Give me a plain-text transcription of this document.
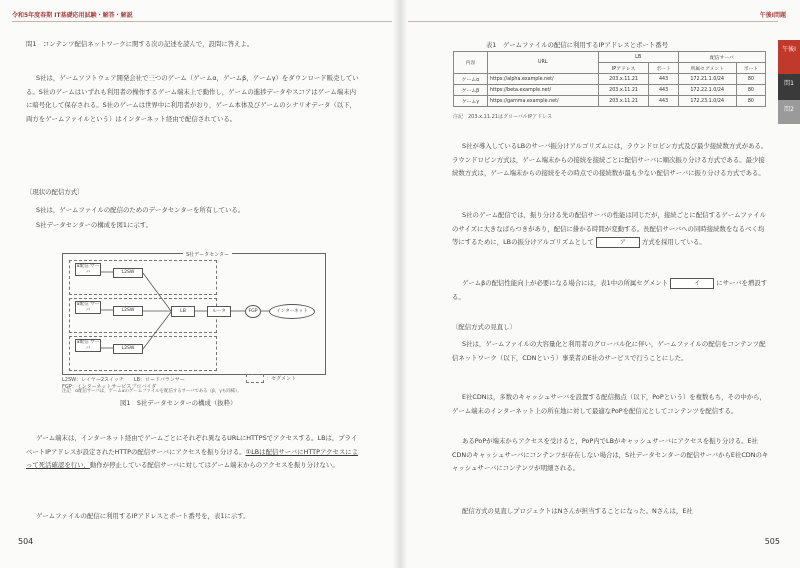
令和5年度春期 IT基礎応用試験・解答・解説

問1　コンテンツ配信ネットワークに関する次の記述を読んで，設問に答えよ。

S社は，ゲームソフトウェア開発会社で三つのゲーム（ゲームα，ゲームβ，ゲームγ）をダウンロード販売している。S社のゲームはいずれも利用者の操作するゲーム端末上で動作し，ゲームの進捗データやスコアはゲーム端末内に暗号化して保存される。S社のゲームは世界中に利用者がおり，ゲーム本体及びゲームのシナリオデータ（以下，両方をゲームファイルという）はインターネット経由で配信されている。

〔現状の配信方式〕

S社は，ゲームファイルの配信のためのデータセンターを所有している。

S社データセンターの構成を図1に示す。

S社データセンター
α配信 サーバ
α配信 サーバ
α配信 サーバ
L2SW
L2SW
L2SW
LB	ルータ	FGP	インターネット
L2SW：レイヤー2スイッチ　　LB：ロードバランサー
FGP：インターネットサービスプロバイダ
：セグメント
注記　α配信サーバは，ゲームαのゲームファイルを配信するサーバである（β，γも同様）。
図1　S社データセンターの構成（抜粋）

ゲーム端末は，インターネット経由でゲームごとにそれぞれ異なるURLにHTTPSでアクセスする。LBは，プライベートIPアドレスが設定されたHTTPの配信サーバにアクセスを振り分ける。①LBは配信サーバにHTTPアクセスによって死活確認を行い，動作が停止している配信サーバに対してはゲーム端末からのアクセスを振り分けない。

ゲームファイルの配信に利用するIPアドレスとポート番号を，表1に示す。

504
午後Ⅰ問題
505
表1　ゲームファイルの配信に利用するIPアドレスとポート番号
内容	URL	LB		配信サーバ	
		IPアドレス	ポート	所属セグメント	ポート
ゲームα	https://alpha.example.net/	203.x.11.21	443	172.21.1.0/24	80
ゲームβ	https://beta.example.net/	203.x.11.21	443	172.22.1.0/24	80
ゲームγ	https://gamma.example.net/	203.x.11.21	443	172.23.1.0/24	80
注記　203.x.11.21はグローバルIPアドレス

S社が導入しているLBのサーバ振分けアルゴリズムには，ラウンドロビン方式及び最少接続数方式がある。ラウンドロビン方式は，ゲーム端末からの接続を接続ごとに配信サーバに順次振り分ける方式である。最少接続数方式は，ゲーム端末からの接続をその時点での接続数が最も少ない配信サーバに振り分ける方式である。

S社のゲーム配信では，振り分ける先の配信サーバの性能は同じだが，接続ごとに配信するゲームファイルのサイズに大きなばらつきがあり，配信に掛かる時間が変動する。長配信サーバへの同時接続数をなるべく均等にするために，LBの振分けアルゴリズムとして	ア	方式を採用している。

ゲームβの配信性能向上が必要になる場合には，表1中の所属セグメント	イ	にサーバを増設する。

〔配信方式の見直し〕

S社は，ゲームファイルの大容量化と利用者のグローバル化に伴い，ゲームファイルの配信をコンテンツ配信ネットワーク（以下，CDNという）事業者のE社のサービスで行うことにした。

E社CDNは，多数のキャッシュサーバを設置する配信拠点（以下，PoPという）を複数もち，その中から，ゲーム端末のインターネット上の所在地に対して最適なPoPを配信元としてコンテンツを配信する。

あるPoPが端末からアクセスを受けると，PoP内でLBがキャッシュサーバにアクセスを振り分ける。E社CDNのキャッシュサーバにコンテンツが存在しない場合は，S社データセンターの配信サーバからE社CDNのキャッシュサーバにコンテンツが明細される。

配信方式の見直しプロジェクトはNさんが担当することになった。Nさんは，E社

午後Ⅰ
問1
問2
